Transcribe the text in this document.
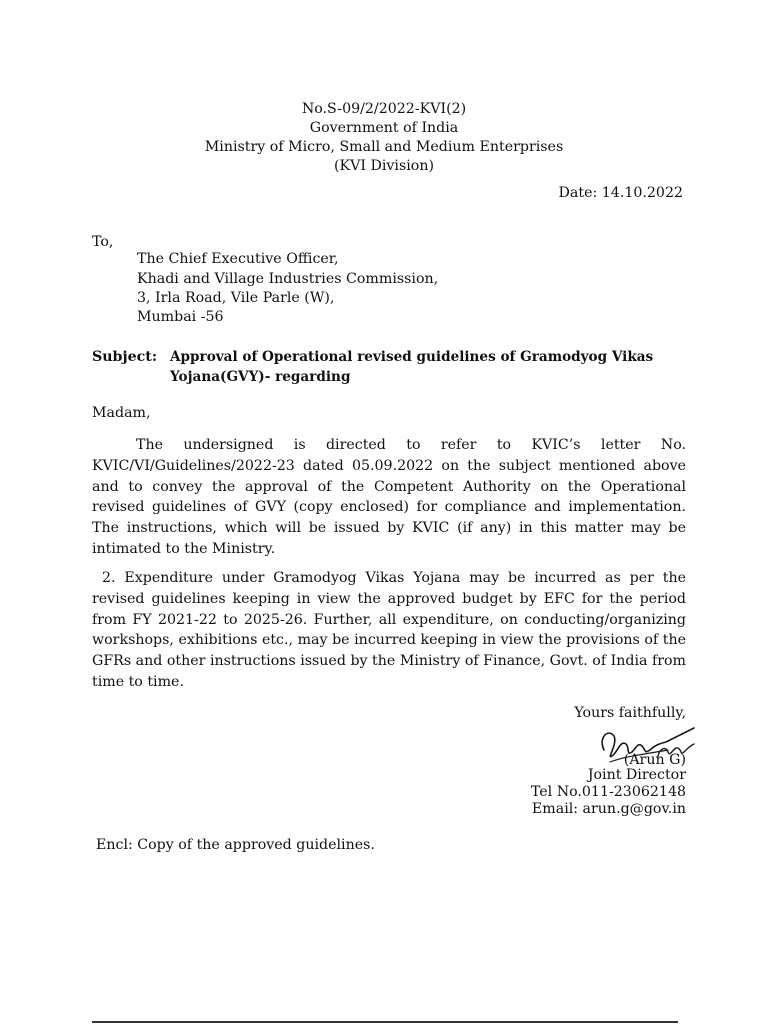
No.S-09/2/2022-KVI(2)
Government of India
Ministry of Micro, Small and Medium Enterprises
(KVI Division)
Date: 14.10.2022
To,
The Chief Executive Officer,
Khadi and Village Industries Commission,
3, Irla Road, Vile Parle (W),
Mumbai -56
Subject: Approval of Operational revised guidelines of Gramodyog Vikas
Yojana(GVY)- regarding
Madam,
The undersigned is directed to refer to KVIC’s letter No. KVIC/VI/Guidelines/2022-23 dated 05.09.2022 on the subject mentioned above and to convey the approval of the Competent Authority on the Operational revised guidelines of GVY (copy enclosed) for compliance and implementation. The instructions, which will be issued by KVIC (if any) in this matter may be intimated to the Ministry.
2. Expenditure under Gramodyog Vikas Yojana may be incurred as per the revised guidelines keeping in view the approved budget by EFC for the period from FY 2021-22 to 2025-26. Further, all expenditure, on conducting/organizing workshops, exhibitions etc., may be incurred keeping in view the provisions of the GFRs and other instructions issued by the Ministry of Finance, Govt. of India from time to time.
Yours faithfully,
(Arun G)
Joint Director
Tel No.011-23062148
Email: arun.g@gov.in
Encl: Copy of the approved guidelines.
